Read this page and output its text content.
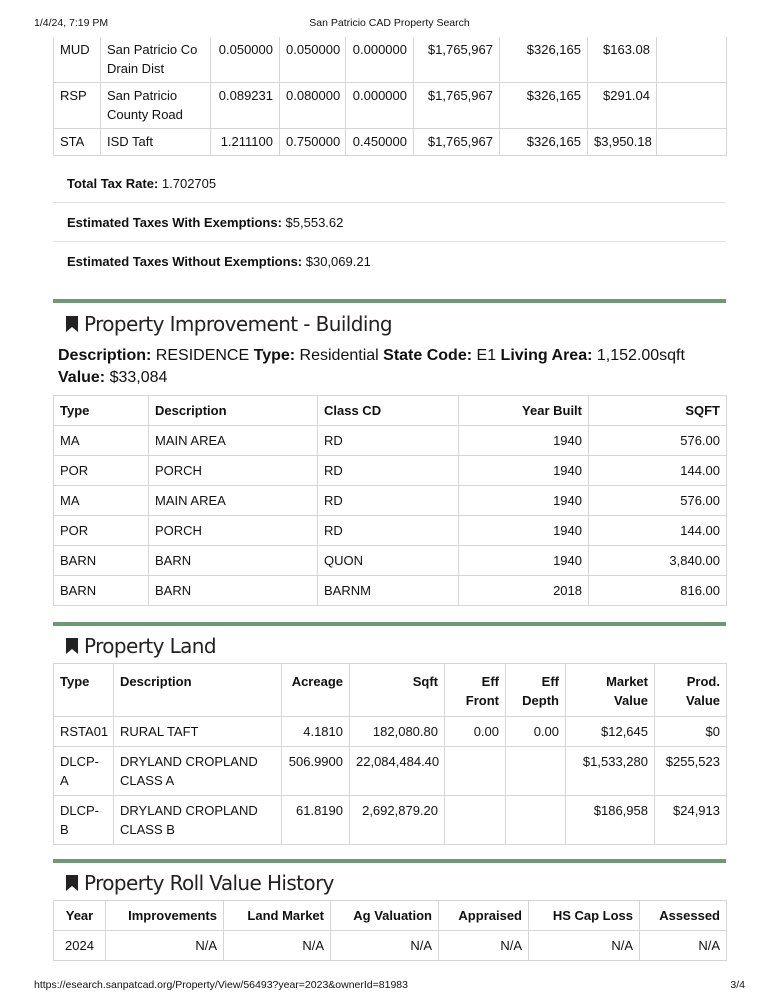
1/4/24, 7:19 PM	San Patricio CAD Property Search
MUD	San Patricio Co Drain Dist	0.050000	0.050000	0.000000	$1,765,967	$326,165	$163.08	
RSP	San Patricio County Road	0.089231	0.080000	0.000000	$1,765,967	$326,165	$291.04	
STA	ISD Taft	1.211100	0.750000	0.450000	$1,765,967	$326,165	$3,950.18	
Total Tax Rate: 1.702705
Estimated Taxes With Exemptions: $5,553.62
Estimated Taxes Without Exemptions: $30,069.21
Property Improvement - Building
Description: RESIDENCE Type: Residential State Code: E1 Living Area: 1,152.00sqft
Value: $33,084
Type	Description	Class CD	Year Built	SQFT
MA	MAIN AREA	RD	1940	576.00
POR	PORCH	RD	1940	144.00
MA	MAIN AREA	RD	1940	576.00
POR	PORCH	RD	1940	144.00
BARN	BARN	QUON	1940	3,840.00
BARN	BARN	BARNM	2018	816.00
Property Land
Type	Description	Acreage	Sqft	Eff Front	Eff Depth	Market Value	Prod. Value
RSTA01	RURAL TAFT	4.1810	182,080.80	0.00	0.00	$12,645	$0
DLCP-A	DRYLAND CROPLAND CLASS A	506.9900	22,084,484.40			$1,533,280	$255,523
DLCP-B	DRYLAND CROPLAND CLASS B	61.8190	2,692,879.20			$186,958	$24,913
Property Roll Value History
Year	Improvements	Land Market	Ag Valuation	Appraised	HS Cap Loss	Assessed
2024	N/A	N/A	N/A	N/A	N/A	N/A
https://esearch.sanpatcad.org/Property/View/56493?year=2023&ownerId=81983	3/4
